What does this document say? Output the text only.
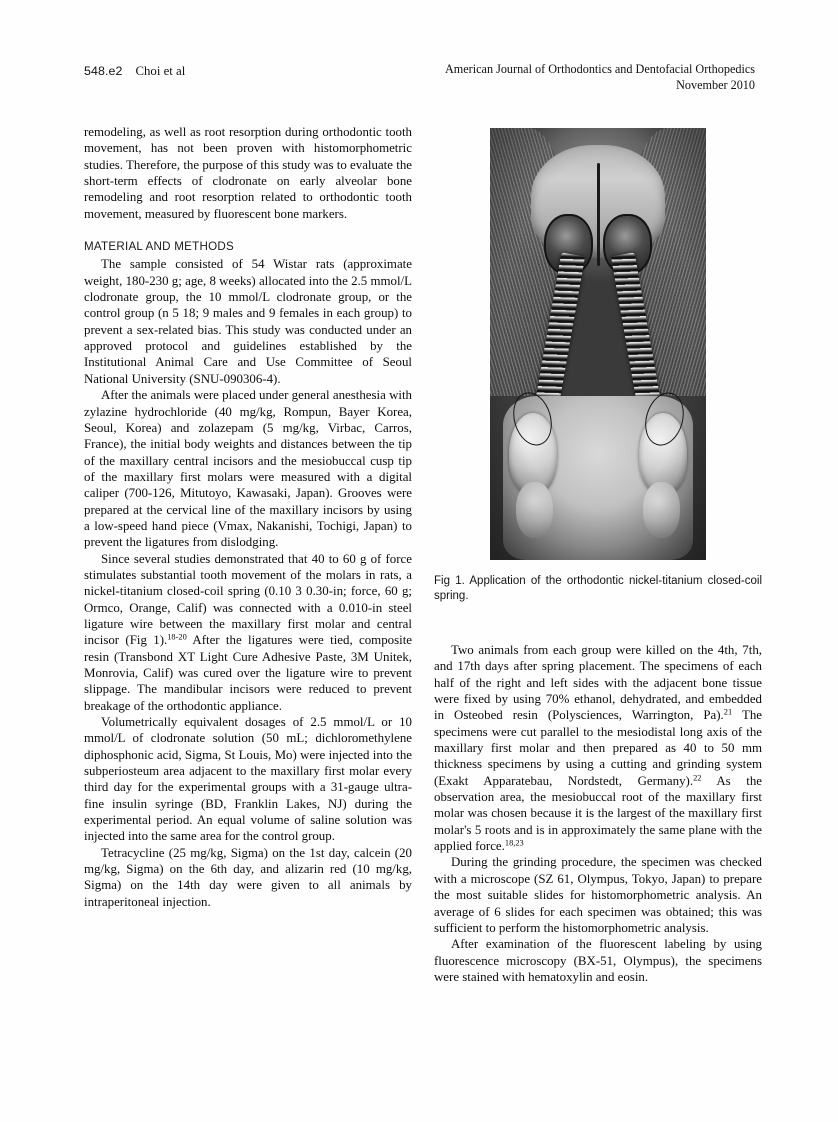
548.e2 Choi et al	American Journal of Orthodontics and Dentofacial Orthopedics
November 2010

remodeling, as well as root resorption during orthodontic tooth movement, has not been proven with histomorphometric studies. Therefore, the purpose of this study was to evaluate the short-term effects of clodronate on early alveolar bone remodeling and root resorption related to orthodontic tooth movement, measured by fluorescent bone markers.

MATERIAL AND METHODS

The sample consisted of 54 Wistar rats (approximate weight, 180-230 g; age, 8 weeks) allocated into the 2.5 mmol/L clodronate group, the 10 mmol/L clodronate group, or the control group (n 5 18; 9 males and 9 females in each group) to prevent a sex-related bias. This study was conducted under an approved protocol and guidelines established by the Institutional Animal Care and Use Committee of Seoul National University (SNU-090306-4).

After the animals were placed under general anesthesia with zylazine hydrochloride (40 mg/kg, Rompun, Bayer Korea, Seoul, Korea) and zolazepam (5 mg/kg, Virbac, Carros, France), the initial body weights and distances between the tip of the maxillary central incisors and the mesiobuccal cusp tip of the maxillary first molars were measured with a digital caliper (700-126, Mitutoyo, Kawasaki, Japan). Grooves were prepared at the cervical line of the maxillary incisors by using a low-speed hand piece (Vmax, Nakanishi, Tochigi, Japan) to prevent the ligatures from dislodging.

Since several studies demonstrated that 40 to 60 g of force stimulates substantial tooth movement of the molars in rats, a nickel-titanium closed-coil spring (0.10 3 0.30-in; force, 60 g; Ormco, Orange, Calif) was connected with a 0.010-in steel ligature wire between the maxillary first molar and central incisor (Fig 1).$^{18-20}$ After the ligatures were tied, composite resin (Transbond XT Light Cure Adhesive Paste, 3M Unitek, Monrovia, Calif) was cured over the ligature wire to prevent slippage. The mandibular incisors were reduced to prevent breakage of the orthodontic appliance.

Volumetrically equivalent dosages of 2.5 mmol/L or 10 mmol/L of clodronate solution (50 mL; dichloromethylene diphosphonic acid, Sigma, St Louis, Mo) were injected into the subperiosteum area adjacent to the maxillary first molar every third day for the experimental groups with a 31-gauge ultra-fine insulin syringe (BD, Franklin Lakes, NJ) during the experimental period. An equal volume of saline solution was injected into the same area for the control group.

Tetracycline (25 mg/kg, Sigma) on the 1st day, calcein (20 mg/kg, Sigma) on the 6th day, and alizarin red (10 mg/kg, Sigma) on the 14th day were given to all animals by intraperitoneal injection.

Fig 1. Application of the orthodontic nickel-titanium closed-coil spring.

Two animals from each group were killed on the 4th, 7th, and 17th days after spring placement. The specimens of each half of the right and left sides with the adjacent bone tissue were fixed by using 70% ethanol, dehydrated, and embedded in Osteobed resin (Polysciences, Warrington, Pa).$^{21}$ The specimens were cut parallel to the mesiodistal long axis of the maxillary first molar and then prepared as 40 to 50 mm thickness specimens by using a cutting and grinding system (Exakt Apparatebau, Nordstedt, Germany).$^{22}$ As the observation area, the mesiobuccal root of the maxillary first molar was chosen because it is the largest of the maxillary first molar's 5 roots and is in approximately the same plane with the applied force.$^{18,23}$

During the grinding procedure, the specimen was checked with a microscope (SZ 61, Olympus, Tokyo, Japan) to prepare the most suitable slides for histomorphometric analysis. An average of 6 slides for each specimen was obtained; this was sufficient to perform the histomorphometric analysis.

After examination of the fluorescent labeling by using fluorescence microscopy (BX-51, Olympus), the specimens were stained with hematoxylin and eosin.
